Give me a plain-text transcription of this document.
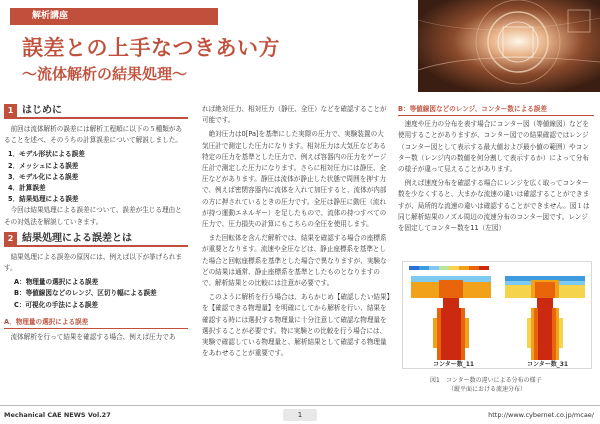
解析講座
誤差との上手なつきあい方
～流体解析の結果処理～
1 はじめに
前回は流体解析の誤差には解析工程順に以下の５種類があることを述べ、そのうちの計算誤差について解説しました。
1．モデル形状による誤差
2．メッシュによる誤差
3．モデル化による誤差
4．計算誤差
5．結果処理による誤差
今回は結果処理による誤差について、誤差が生じる理由とその対処法を解説していきます。
2 結果処理による誤差とは
結果処理による誤差の原因には、例えば以下が挙げられます。
A：物理量の選択による誤差
B：等値線図などのレンジ、区切り幅による誤差
C：可視化の手法による誤差
A．物理量の選択による誤差
流体解析を行って結果を確認する場合、例えば圧力であ
れば絶対圧力、相対圧力（静圧、全圧）などを確認することが可能です。
絶対圧力は0[Pa]を基準にした実際の圧力で、実験装置の大気圧計で測定した圧力になります。相対圧力は大気圧などある特定の圧力を基準とした圧力で、例えば容器内の圧力をゲージ圧計で測定した圧力になります。さらに相対圧力には静圧、全圧などがあります。静圧は流体が静止した状態で周囲を押す力で、例えば密閉容器内に流体を入れて加圧すると、流体が内部の方に押されているときの圧力です。全圧は静圧に動圧（流れが持つ運動エネルギー）を足したもので、流体の持つすべての圧力で、圧力損失の計算にもこちらの全圧を使用します。
また回転体を含んだ解析では、結果を確認する場合の座標系が重要となります。流速や全圧などは、静止座標系を基準とした場合と回転座標系を基準とした場合で異なりますが、実験などの結果は通常、静止座標系を基準としたものとなりますので、解析結果との比較には注意が必要です。
このように解析を行う場合は、あらかじめ【確認したい結果】を【確認できる物理量】を明確にしてから解析を行い、結果を確認する時には選択する物理量に十分注意して確認な物理量を選択することが必要です。特に実験との比較を行う場合には、実験で確認している物理量と、解析結果として確認する物理量をあわせることが重要です。
B：等値線図などのレンジ、コンター数による誤差
速度や圧力の分布を表す場合にコンター図（等値線図）などを使用することがありますが、コンター図での結果確認ではレンジ（コンター図として表示する最大値および最小値の範囲）やコンター数（レンジ内の数値を何分割して表示するか）によって分布の様子が違って見えることがあります。
例えば速度分布を確認する場合にレンジを広く取ってコンター数を少なくすると、大まかな流速の違いは確認することができますが、局所的な流速の違いは確認することができません。図１は同じ解析結果のノズル周辺の流速分布のコンター図です。レンジを固定してコンター数を11（左図）
コンター数_11	コンター数_31
図1　 コンター数の違いによる分布の様子
（縦平面における流速分布）
Mechanical CAE NEWS Vol.27	1	http://www.cybernet.co.jp/mcae/
